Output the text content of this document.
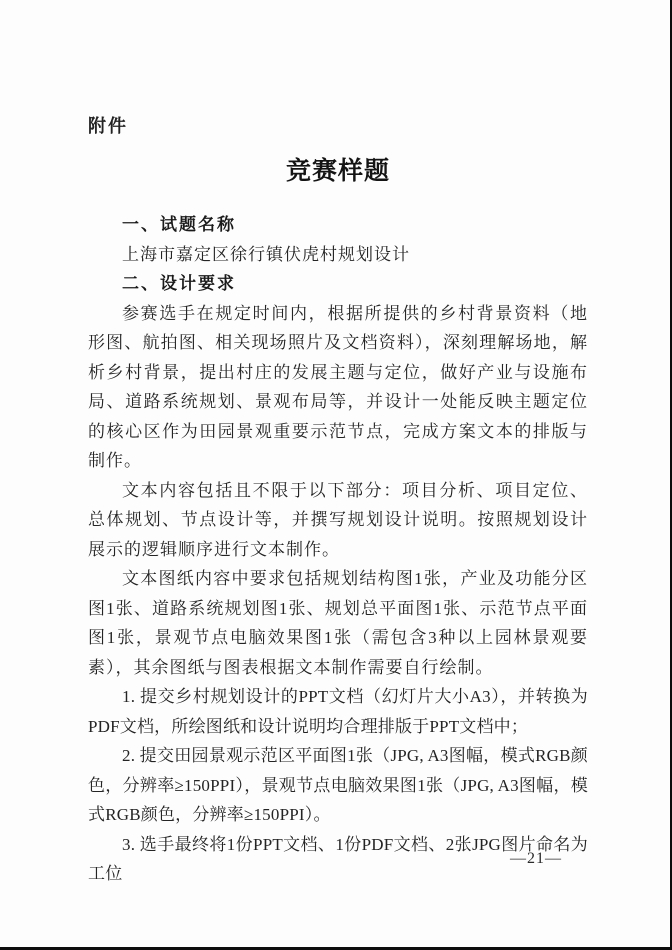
附件
竞赛样题
一、试题名称
上海市嘉定区徐行镇伏虎村规划设计
二、设计要求
参赛选手在规定时间内，根据所提供的乡村背景资料（地形图、航拍图、相关现场照片及文档资料），深刻理解场地，解析乡村背景，提出村庄的发展主题与定位，做好产业与设施布局、道路系统规划、景观布局等，并设计一处能反映主题定位的核心区作为田园景观重要示范节点，完成方案文本的排版与制作。
文本内容包括且不限于以下部分：项目分析、项目定位、总体规划、节点设计等，并撰写规划设计说明。按照规划设计展示的逻辑顺序进行文本制作。
文本图纸内容中要求包括规划结构图1张，产业及功能分区图1张、道路系统规划图1张、规划总平面图1张、示范节点平面图1张，景观节点电脑效果图1张（需包含3种以上园林景观要素），其余图纸与图表根据文本制作需要自行绘制。
1. 提交乡村规划设计的PPT文档（幻灯片大小A3），并转换为PDF文档，所绘图纸和设计说明均合理排版于PPT文档中；
2. 提交田园景观示范区平面图1张（JPG, A3图幅，模式RGB颜色，分辨率≥150PPI），景观节点电脑效果图1张（JPG, A3图幅，模式RGB颜色，分辨率≥150PPI）。
3. 选手最终将1份PPT文档、1份PDF文档、2张JPG图片命名为工位
—21—
